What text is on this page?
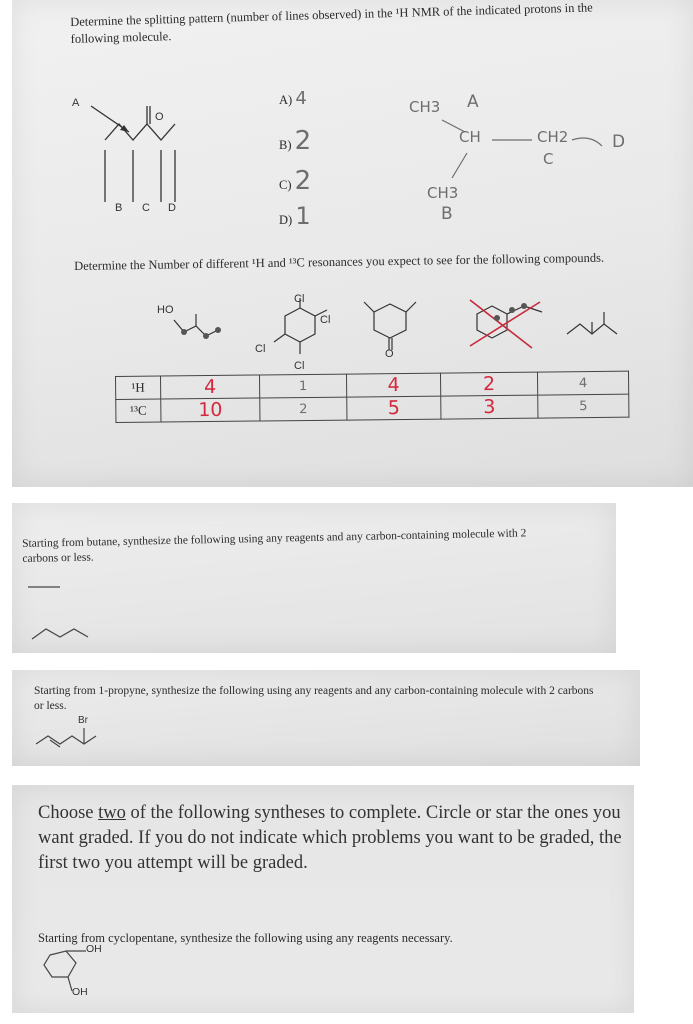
Determine the splitting pattern (number of lines observed) in the ¹H NMR of the indicated protons in the following molecule.
A
B C D
O
A) 4
B) 2
C) 2
D) 1
CH3 A
CH	CH2
C
D
CH3
B
Determine the Number of different ¹H and ¹³C resonances you expect to see for the following compounds.
HO
Cl
Cl
Cl
Cl
O
¹H	4	1	4	2	4
¹³C	10	2	5	3	5
Starting from butane, synthesize the following using any reagents and any carbon-containing molecule with 2 carbons or less.
Starting from 1-propyne, synthesize the following using any reagents and any carbon-containing molecule with 2 carbons or less.
Br
Choose two of the following syntheses to complete. Circle or star the ones you want graded. If you do not indicate which problems you want to be graded, the first two you attempt will be graded.
Starting from cyclopentane, synthesize the following using any reagents necessary.
OH
OH
